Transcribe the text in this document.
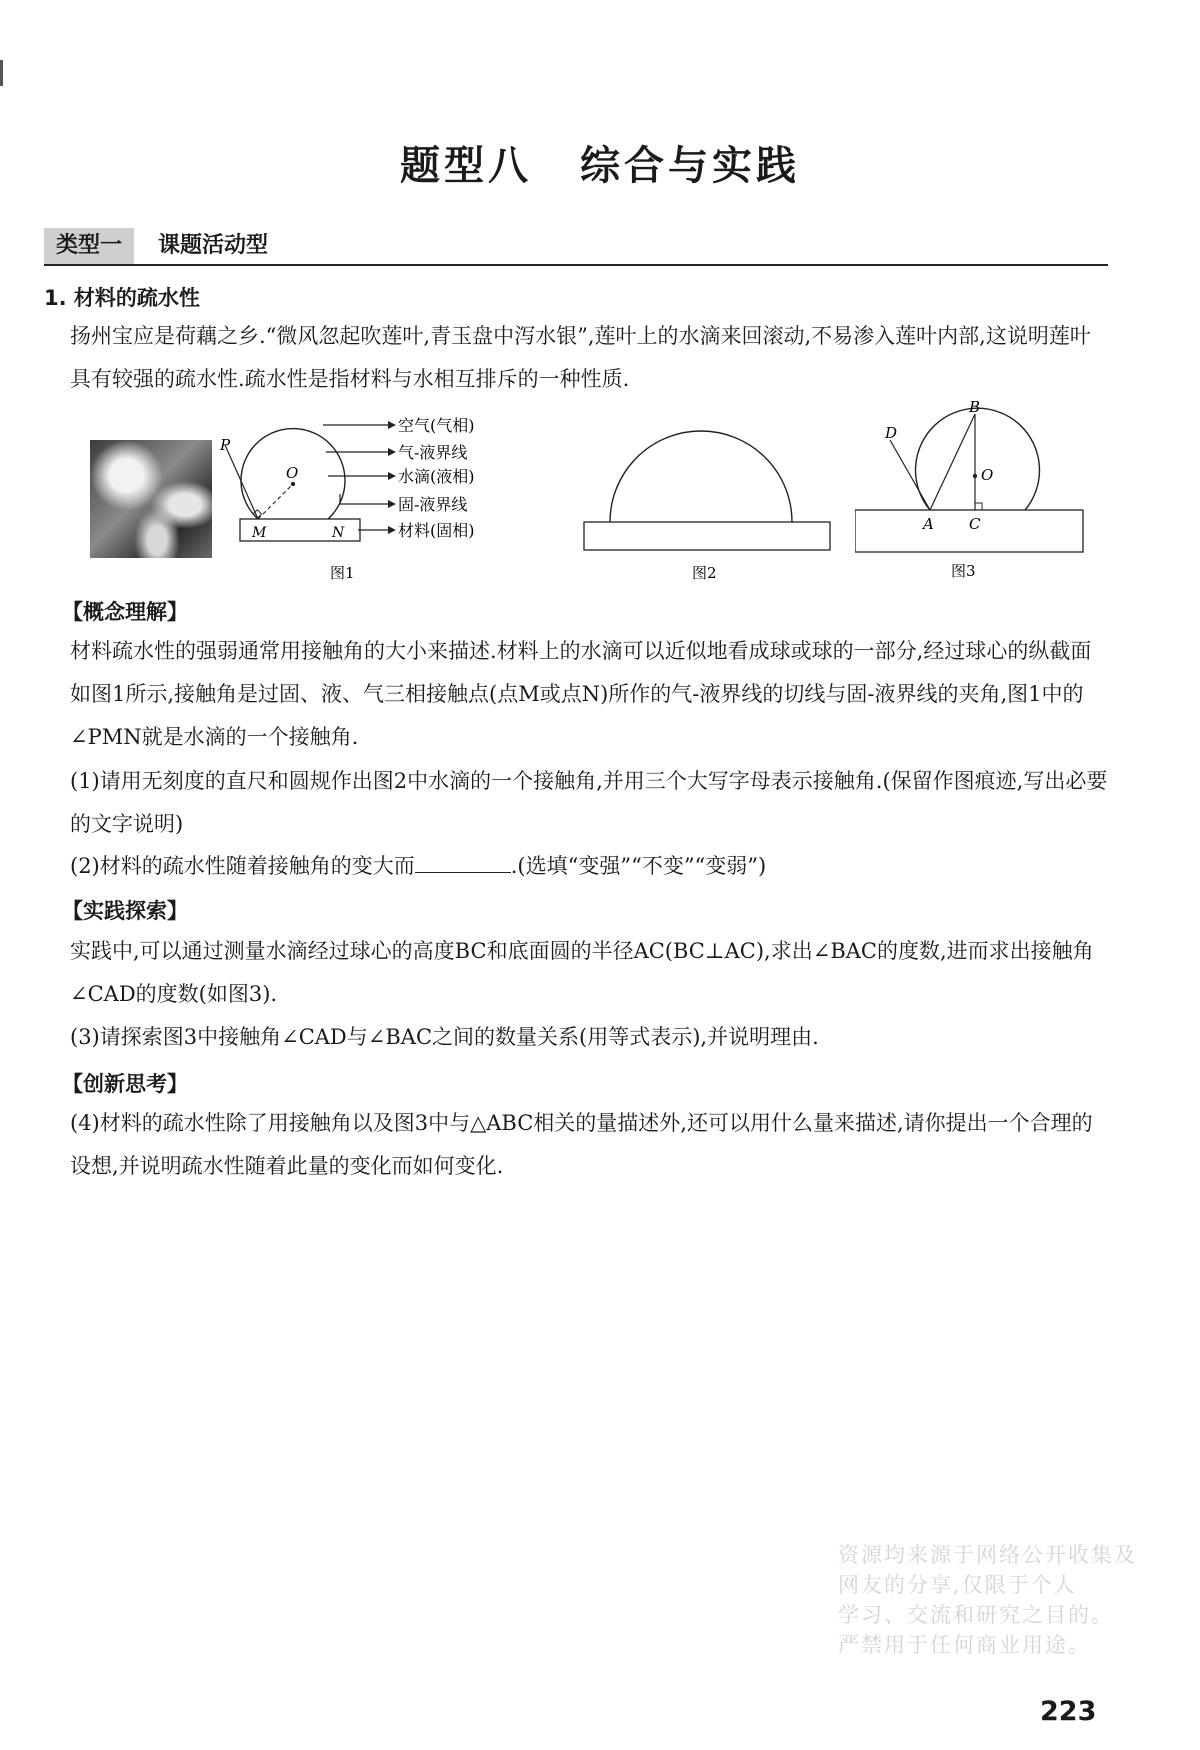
题型八 综合与实践
类型一	课题活动型
1. 材料的疏水性

扬州宝应是荷藕之乡.“微风忽起吹莲叶,青玉盘中泻水银”,莲叶上的水滴来回滚动,不易渗入莲叶内部,这说明莲叶具有较强的疏水性.疏水性是指材料与水相互排斥的一种性质.

P
O
M	N
空气(气相)
气-液界线
水滴(液相)
固-液界线
材料(固相)
图1	图2
B
D
O
A C
图3
【概念理解】

材料疏水性的强弱通常用接触角的大小来描述.材料上的水滴可以近似地看成球或球的一部分,经过球心的纵截面如图1所示,接触角是过固、液、气三相接触点(点M或点N)所作的气-液界线的切线与固-液界线的夹角,图1中的∠PMN就是水滴的一个接触角.

(1)请用无刻度的直尺和圆规作出图2中水滴的一个接触角,并用三个大写字母表示接触角.(保留作图痕迹,写出必要的文字说明)

(2)材料的疏水性随着接触角的变大而	.(选填“变强”“不变”“变弱”)

【实践探索】

实践中,可以通过测量水滴经过球心的高度BC和底面圆的半径AC(BC⊥AC),求出∠BAC的度数,进而求出接触角∠CAD的度数(如图3).

(3)请探索图3中接触角∠CAD与∠BAC之间的数量关系(用等式表示),并说明理由.

【创新思考】

(4)材料的疏水性除了用接触角以及图3中与△ABC相关的量描述外,还可以用什么量来描述,请你提出一个合理的设想,并说明疏水性随着此量的变化而如何变化.

资源均来源于网络公开收集及
网友的分享,仅限于个人
学习、交流和研究之目的。
严禁用于任何商业用途。
223
